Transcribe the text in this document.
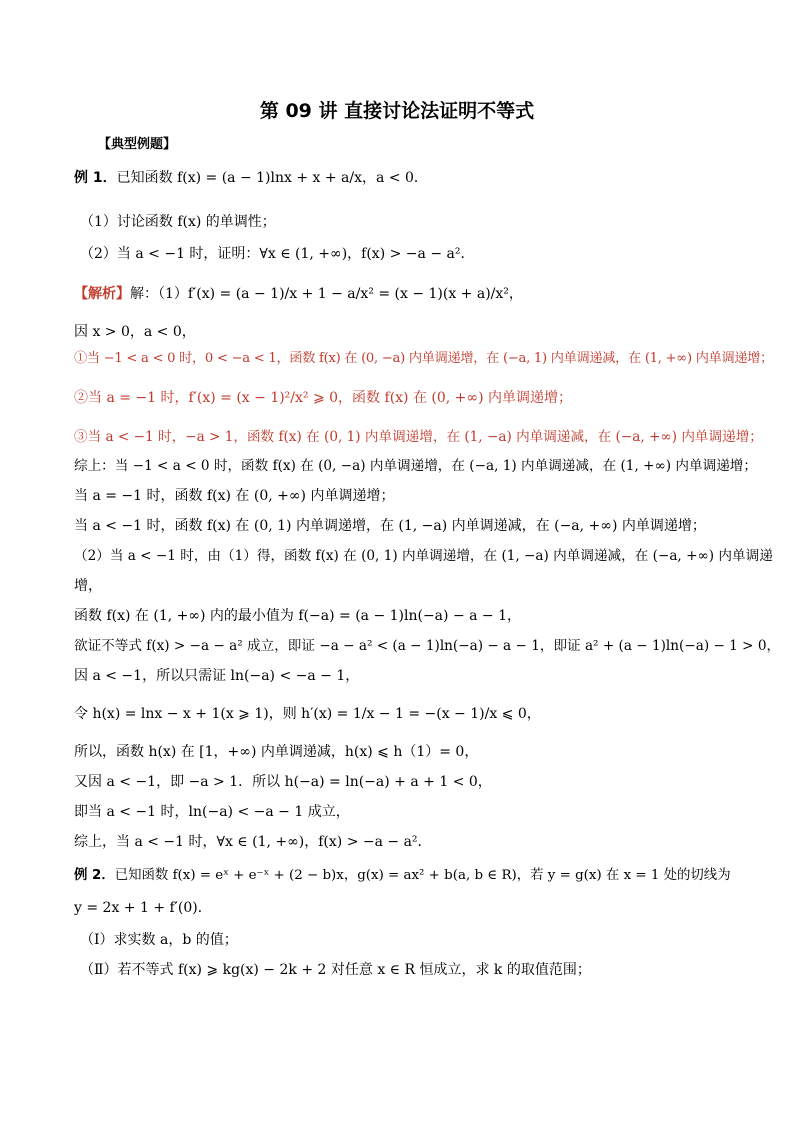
第 09 讲 直接讨论法证明不等式
【典型例题】
例 1．已知函数 f(x) = (a − 1)lnx + x + a/x，a < 0．
（1）讨论函数 f(x) 的单调性；
（2）当 a < −1 时，证明：∀x ∈ (1, +∞)，f(x) > −a − a²．
【解析】解：（1）f′(x) = (a − 1)/x + 1 − a/x² = (x − 1)(x + a)/x²，
因 x > 0，a < 0，
①当 −1 < a < 0 时，0 < −a < 1，函数 f(x) 在 (0, −a) 内单调递增，在 (−a, 1) 内单调递减，在 (1, +∞) 内单调递增；
②当 a = −1 时，f′(x) = (x − 1)²/x² ⩾ 0，函数 f(x) 在 (0, +∞) 内单调递增；
③当 a < −1 时，−a > 1，函数 f(x) 在 (0, 1) 内单调递增，在 (1, −a) 内单调递减，在 (−a, +∞) 内单调递增；
综上：当 −1 < a < 0 时，函数 f(x) 在 (0, −a) 内单调递增，在 (−a, 1) 内单调递减，在 (1, +∞) 内单调递增；
当 a = −1 时，函数 f(x) 在 (0, +∞) 内单调递增；
当 a < −1 时，函数 f(x) 在 (0, 1) 内单调递增，在 (1, −a) 内单调递减，在 (−a, +∞) 内单调递增；
（2）当 a < −1 时，由（1）得，函数 f(x) 在 (0, 1) 内单调递增，在 (1, −a) 内单调递减，在 (−a, +∞) 内单调递
增，
函数 f(x) 在 (1, +∞) 内的最小值为 f(−a) = (a − 1)ln(−a) − a − 1，
欲证不等式 f(x) > −a − a² 成立，即证 −a − a² < (a − 1)ln(−a) − a − 1，即证 a² + (a − 1)ln(−a) − 1 > 0，
因 a < −1，所以只需证 ln(−a) < −a − 1，
令 h(x) = lnx − x + 1(x ⩾ 1)，则 h′(x) = 1/x − 1 = −(x − 1)/x ⩽ 0，
所以，函数 h(x) 在 [1，+∞) 内单调递减，h(x) ⩽ h（1）= 0，
又因 a < −1，即 −a > 1．所以 h(−a) = ln(−a) + a + 1 < 0，
即当 a < −1 时，ln(−a) < −a − 1 成立，
综上，当 a < −1 时，∀x ∈ (1, +∞)，f(x) > −a − a²．
例 2．已知函数 f(x) = eˣ + e⁻ˣ + (2 − b)x，g(x) = ax² + b(a, b ∈ R)，若 y = g(x) 在 x = 1 处的切线为
y = 2x + 1 + f′(0)．
（Ⅰ）求实数 a，b 的值；
（Ⅱ）若不等式 f(x) ⩾ kg(x) − 2k + 2 对任意 x ∈ R 恒成立，求 k 的取值范围；
